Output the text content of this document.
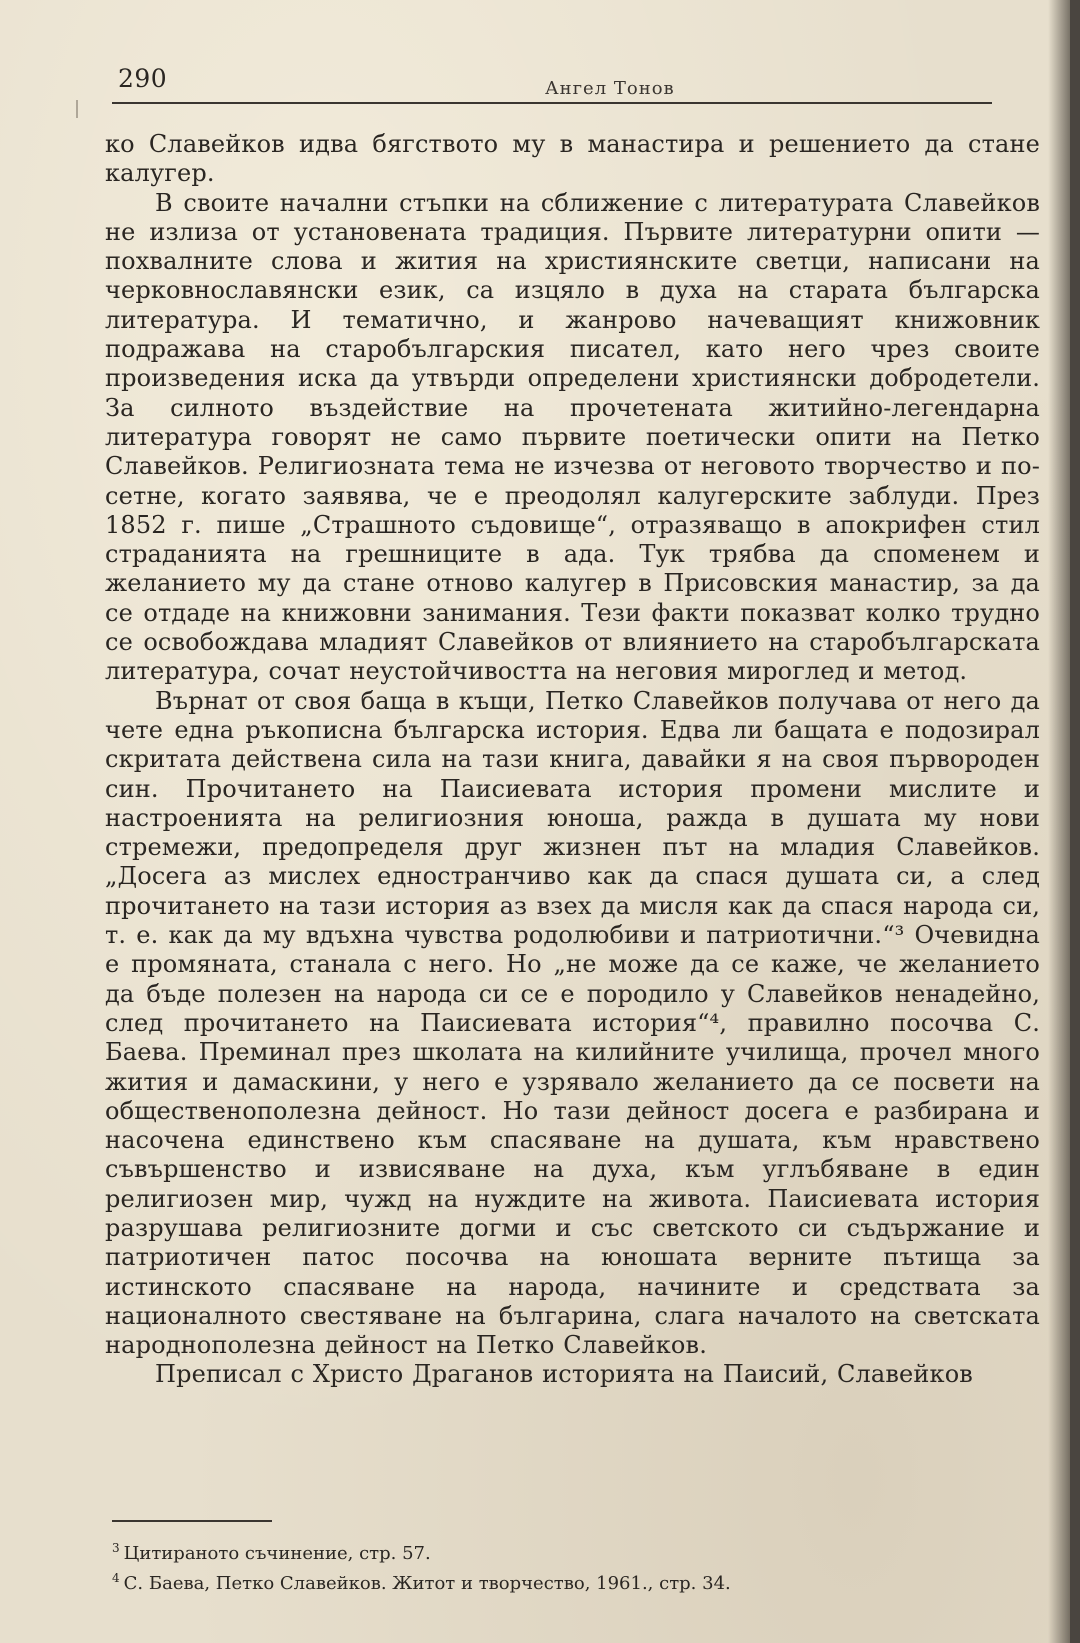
290	Ангел Тонов

ко Славейков идва бягството му в манастира и решението да стане калугер.

В своите начални стъпки на сближение с литературата Славейков не излиза от установената традиция. Първите литературни опити — похвалните слова и жития на християнските светци, написани на черковнославянски език, са изцяло в духа на старата българска литература. И тематично, и жанрово начеващият книжовник подражава на старобългарския писател, като него чрез своите произведения иска да утвърди определени християнски добродетели. За силното въздействие на прочетената житийно-легендарна литература говорят не само първите поетически опити на Петко Славейков. Религиозната тема не изчезва от неговото творчество и по-сетне, когато заявява, че е преодолял калугерските заблуди. През 1852 г. пише „Страшното съдовище“, отразяващо в апокрифен стил страданията на грешниците в ада. Тук трябва да споменем и желанието му да стане отново калугер в Присовския манастир, за да се отдаде на книжовни занимания. Тези факти показват колко трудно се освобождава младият Славейков от влиянието на старобългарската литература, сочат неустойчивостта на неговия мироглед и метод.

Върнат от своя баща в къщи, Петко Славейков получава от него да чете една ръкописна българска история. Едва ли бащата е подозирал скритата действена сила на тази книга, давайки я на своя първороден син. Прочитането на Паисиевата история промени мислите и настроенията на религиозния юноша, ражда в душата му нови стремежи, предопределя друг жизнен път на младия Славейков. „Досега аз мислех едностранчиво как да спася душата си, а след прочитането на тази история аз взех да мисля как да спася народа си, т. е. как да му вдъхна чувства родолюбиви и патриотични.“³ Очевидна е промяната, станала с него. Но „не може да се каже, че желанието да бъде полезен на народа си се е породило у Славейков ненадейно, след прочитането на Паисиевата история“⁴, правилно посочва С. Баева. Преминал през школата на килийните училища, прочел много жития и дамаскини, у него е узрявало желанието да се посвети на общественополезна дейност. Но тази дейност досега е разбирана и насочена единствено към спасяване на душата, към нравствено съвършенство и извисяване на духа, към углъбяване в един религиозен мир, чужд на нуждите на живота. Паисиевата история разрушава религиозните догми и със светското си съдържание и патриотичен патос посочва на юношата верните пътища за истинското спасяване на народа, начините и средствата за националното свестяване на българина, слага началото на светската народнополезна дейност на Петко Славейков.

Преписал с Христо Драганов историята на Паисий, Славейков

$^3$ Цитираното съчинение, стр. 57.

$^4$ С. Баева, Петко Славейков. Житот и творчество, 1961., стр. 34.
